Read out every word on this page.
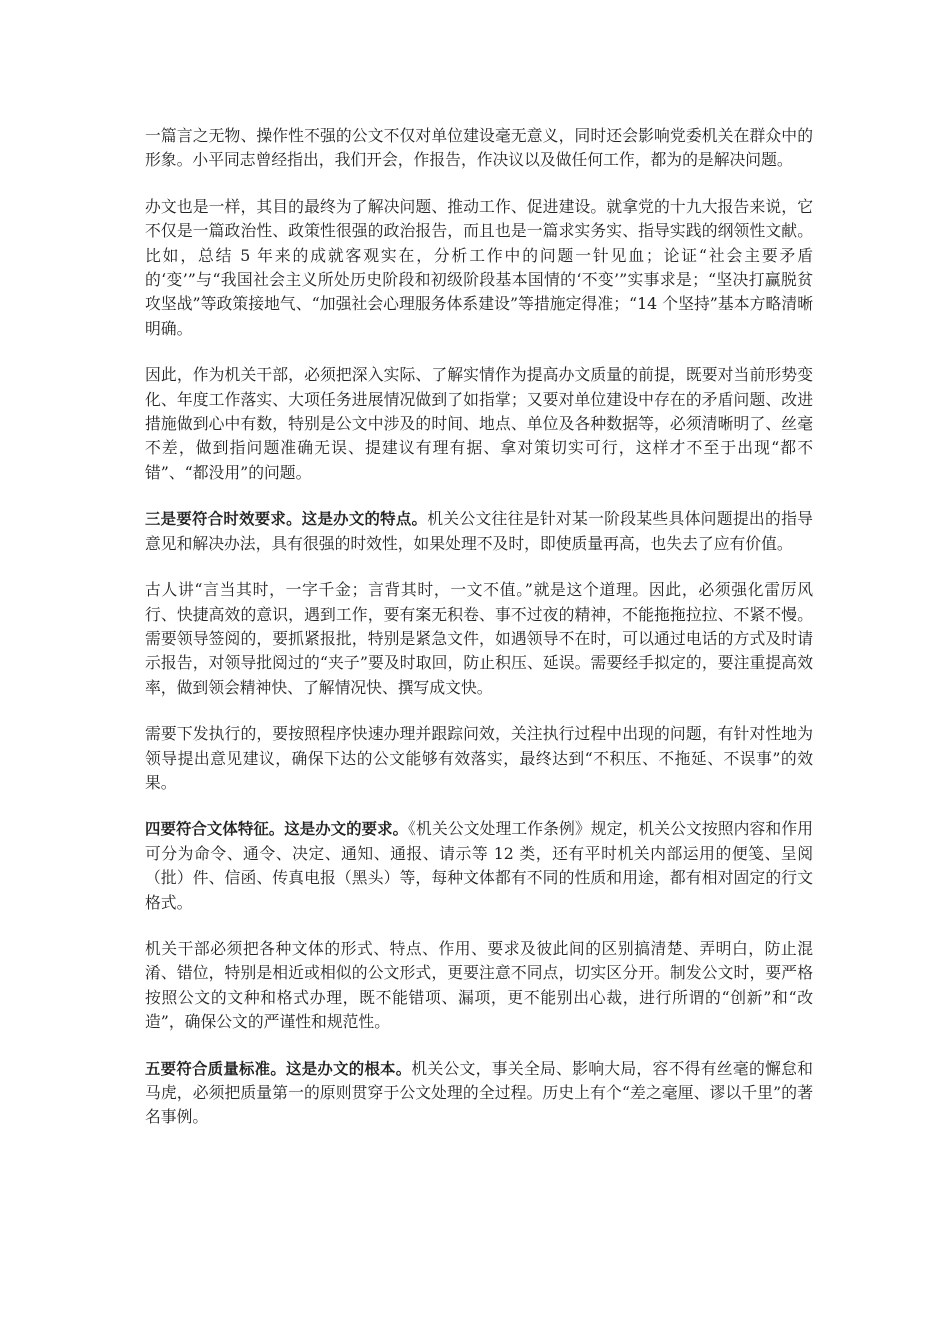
一篇言之无物、操作性不强的公文不仅对单位建设毫无意义，同时还会影响党委机关在群众中的形象。小平同志曾经指出，我们开会，作报告，作决议以及做任何工作，都为的是解决问题。

办文也是一样，其目的最终为了解决问题、推动工作、促进建设。就拿党的十九大报告来说，它不仅是一篇政治性、政策性很强的政治报告，而且也是一篇求实务实、指导实践的纲领性文献。比如，总结 5 年来的成就客观实在，分析工作中的问题一针见血；论证“社会主要矛盾的‘变’”与“我国社会主义所处历史阶段和初级阶段基本国情的‘不变’”实事求是；“坚决打赢脱贫攻坚战”等政策接地气、“加强社会心理服务体系建设”等措施定得准；“14 个坚持”基本方略清晰明确。

因此，作为机关干部，必须把深入实际、了解实情作为提高办文质量的前提，既要对当前形势变化、年度工作落实、大项任务进展情况做到了如指掌；又要对单位建设中存在的矛盾问题、改进措施做到心中有数，特别是公文中涉及的时间、地点、单位及各种数据等，必须清晰明了、丝毫不差，做到指问题准确无误、提建议有理有据、拿对策切实可行，这样才不至于出现“都不错”、“都没用”的问题。

三是要符合时效要求。这是办文的特点。机关公文往往是针对某一阶段某些具体问题提出的指导意见和解决办法，具有很强的时效性，如果处理不及时，即使质量再高，也失去了应有价值。

古人讲“言当其时，一字千金；言背其时，一文不值。”就是这个道理。因此，必须强化雷厉风行、快捷高效的意识，遇到工作，要有案无积卷、事不过夜的精神，不能拖拖拉拉、不紧不慢。需要领导签阅的，要抓紧报批，特别是紧急文件，如遇领导不在时，可以通过电话的方式及时请示报告，对领导批阅过的“夹子”要及时取回，防止积压、延误。需要经手拟定的，要注重提高效率，做到领会精神快、了解情况快、撰写成文快。

需要下发执行的，要按照程序快速办理并跟踪问效，关注执行过程中出现的问题，有针对性地为领导提出意见建议，确保下达的公文能够有效落实，最终达到“不积压、不拖延、不误事”的效果。

四要符合文体特征。这是办文的要求。《机关公文处理工作条例》规定，机关公文按照内容和作用可分为命令、通令、决定、通知、通报、请示等 12 类，还有平时机关内部运用的便笺、呈阅（批）件、信函、传真电报（黑头）等，每种文体都有不同的性质和用途，都有相对固定的行文格式。

机关干部必须把各种文体的形式、特点、作用、要求及彼此间的区别搞清楚、弄明白，防止混淆、错位，特别是相近或相似的公文形式，更要注意不同点，切实区分开。制发公文时，要严格按照公文的文种和格式办理，既不能错项、漏项，更不能别出心裁，进行所谓的“创新”和“改造”，确保公文的严谨性和规范性。

五要符合质量标准。这是办文的根本。机关公文，事关全局、影响大局，容不得有丝毫的懈怠和马虎，必须把质量第一的原则贯穿于公文处理的全过程。历史上有个“差之毫厘、谬以千里”的著名事例。
